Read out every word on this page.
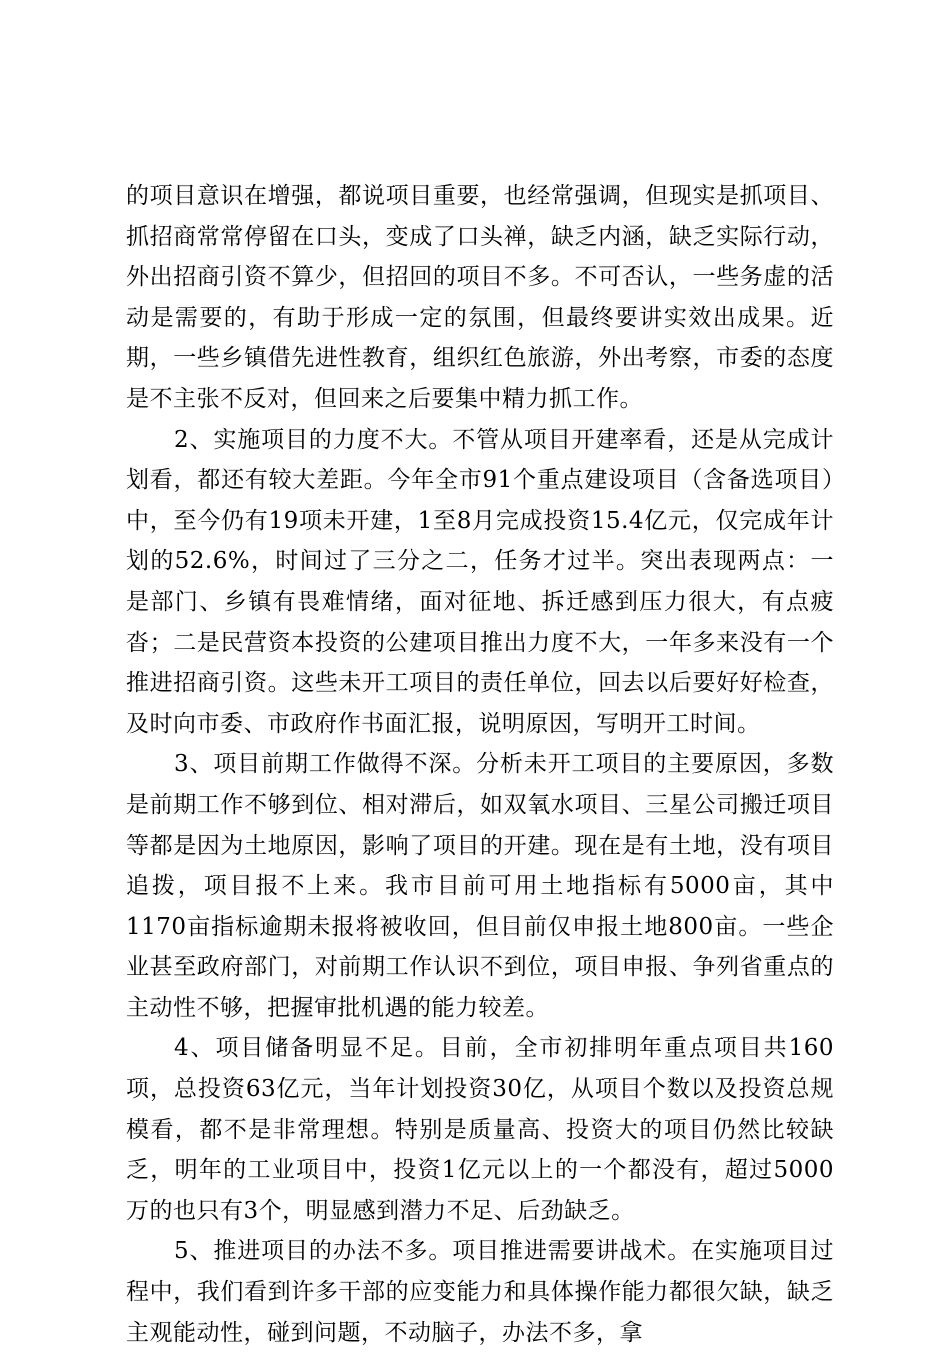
的项目意识在增强，都说项目重要，也经常强调，但现实是抓项目、抓招商常常停留在口头，变成了口头禅，缺乏内涵，缺乏实际行动，外出招商引资不算少，但招回的项目不多。不可否认，一些务虚的活动是需要的，有助于形成一定的氛围，但最终要讲实效出成果。近期，一些乡镇借先进性教育，组织红色旅游，外出考察，市委的态度是不主张不反对，但回来之后要集中精力抓工作。

2、实施项目的力度不大。不管从项目开建率看，还是从完成计划看，都还有较大差距。今年全市91个重点建设项目（含备选项目）中，至今仍有19项未开建，1至8月完成投资15.4亿元，仅完成年计划的52.6%，时间过了三分之二，任务才过半。突出表现两点：一是部门、乡镇有畏难情绪，面对征地、拆迁感到压力很大，有点疲沓；二是民营资本投资的公建项目推出力度不大，一年多来没有一个推进招商引资。这些未开工项目的责任单位，回去以后要好好检查，及时向市委、市政府作书面汇报，说明原因，写明开工时间。

3、项目前期工作做得不深。分析未开工项目的主要原因，多数是前期工作不够到位、相对滞后，如双氧水项目、三星公司搬迁项目等都是因为土地原因，影响了项目的开建。现在是有土地，没有项目追拨，项目报不上来。我市目前可用土地指标有5000亩，其中1170亩指标逾期未报将被收回，但目前仅申报土地800亩。一些企业甚至政府部门，对前期工作认识不到位，项目申报、争列省重点的主动性不够，把握审批机遇的能力较差。

4、项目储备明显不足。目前，全市初排明年重点项目共160项，总投资63亿元，当年计划投资30亿，从项目个数以及投资总规模看，都不是非常理想。特别是质量高、投资大的项目仍然比较缺乏，明年的工业项目中，投资1亿元以上的一个都没有，超过5000万的也只有3个，明显感到潜力不足、后劲缺乏。

5、推进项目的办法不多。项目推进需要讲战术。在实施项目过程中，我们看到许多干部的应变能力和具体操作能力都很欠缺，缺乏主观能动性，碰到问题，不动脑子，办法不多，拿
